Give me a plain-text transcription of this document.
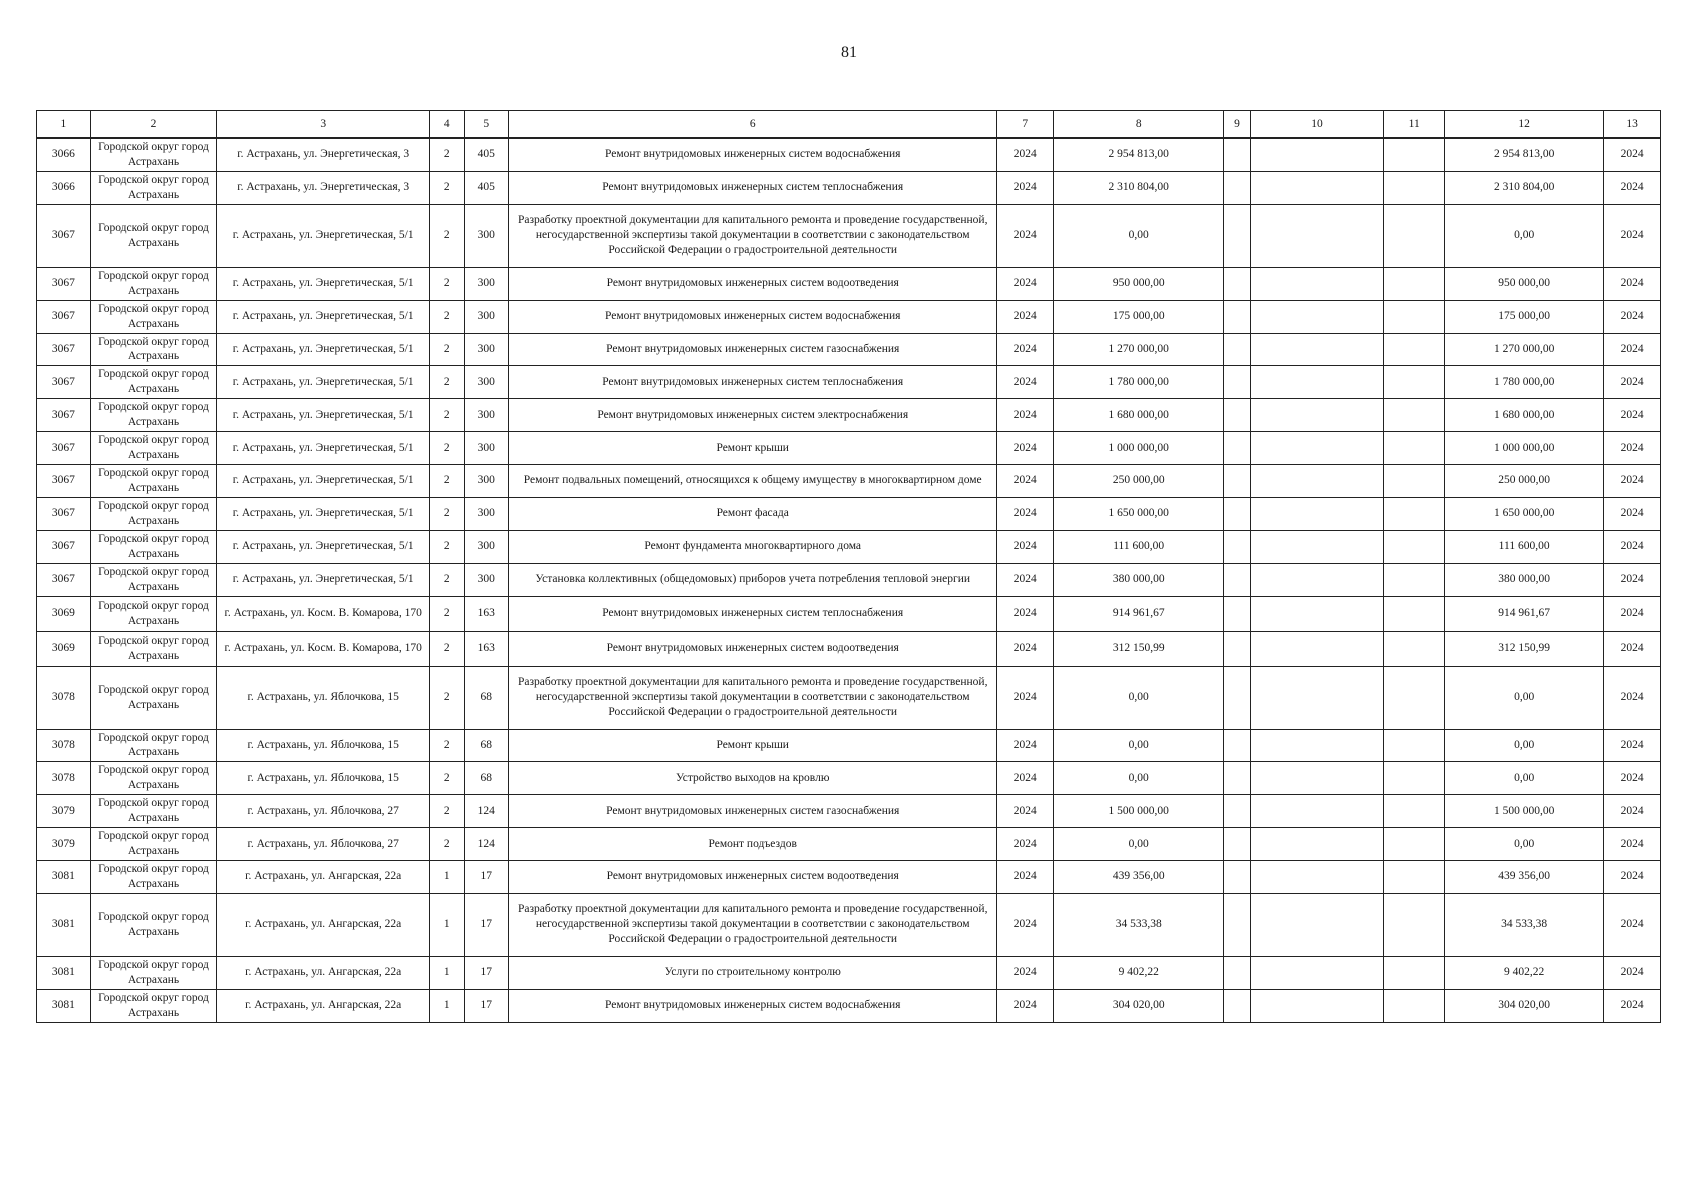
81
1	2	3	4	5	6	7	8	9	10	11	12	13
3066	Городской округ город Астрахань	г. Астрахань, ул. Энергетическая, 3	2	405	Ремонт внутридомовых инженерных систем водоснабжения	2024	2 954 813,00				2 954 813,00	2024
3066	Городской округ город Астрахань	г. Астрахань, ул. Энергетическая, 3	2	405	Ремонт внутридомовых инженерных систем теплоснабжения	2024	2 310 804,00				2 310 804,00	2024
3067	Городской округ город Астрахань	г. Астрахань, ул. Энергетическая, 5/1	2	300	Разработку проектной документации для капитального ремонта и проведение государственной, негосударственной экспертизы такой документации в соответствии с законодательством Российской Федерации о градостроительной деятельности	2024	0,00				0,00	2024
3067	Городской округ город Астрахань	г. Астрахань, ул. Энергетическая, 5/1	2	300	Ремонт внутридомовых инженерных систем водоотведения	2024	950 000,00				950 000,00	2024
3067	Городской округ город Астрахань	г. Астрахань, ул. Энергетическая, 5/1	2	300	Ремонт внутридомовых инженерных систем водоснабжения	2024	175 000,00				175 000,00	2024
3067	Городской округ город Астрахань	г. Астрахань, ул. Энергетическая, 5/1	2	300	Ремонт внутридомовых инженерных систем газоснабжения	2024	1 270 000,00				1 270 000,00	2024
3067	Городской округ город Астрахань	г. Астрахань, ул. Энергетическая, 5/1	2	300	Ремонт внутридомовых инженерных систем теплоснабжения	2024	1 780 000,00				1 780 000,00	2024
3067	Городской округ город Астрахань	г. Астрахань, ул. Энергетическая, 5/1	2	300	Ремонт внутридомовых инженерных систем электроснабжения	2024	1 680 000,00				1 680 000,00	2024
3067	Городской округ город Астрахань	г. Астрахань, ул. Энергетическая, 5/1	2	300	Ремонт крыши	2024	1 000 000,00				1 000 000,00	2024
3067	Городской округ город Астрахань	г. Астрахань, ул. Энергетическая, 5/1	2	300	Ремонт подвальных помещений, относящихся к общему имуществу в многоквартирном доме	2024	250 000,00				250 000,00	2024
3067	Городской округ город Астрахань	г. Астрахань, ул. Энергетическая, 5/1	2	300	Ремонт фасада	2024	1 650 000,00				1 650 000,00	2024
3067	Городской округ город Астрахань	г. Астрахань, ул. Энергетическая, 5/1	2	300	Ремонт фундамента многоквартирного дома	2024	111 600,00				111 600,00	2024
3067	Городской округ город Астрахань	г. Астрахань, ул. Энергетическая, 5/1	2	300	Установка коллективных (общедомовых) приборов учета потребления тепловой энергии	2024	380 000,00				380 000,00	2024
3069	Городской округ город Астрахань	г. Астрахань, ул. Косм. В. Комарова, 170	2	163	Ремонт внутридомовых инженерных систем теплоснабжения	2024	914 961,67				914 961,67	2024
3069	Городской округ город Астрахань	г. Астрахань, ул. Косм. В. Комарова, 170	2	163	Ремонт внутридомовых инженерных систем водоотведения	2024	312 150,99				312 150,99	2024
3078	Городской округ город Астрахань	г. Астрахань, ул. Яблочкова, 15	2	68	Разработку проектной документации для капитального ремонта и проведение государственной, негосударственной экспертизы такой документации в соответствии с законодательством Российской Федерации о градостроительной деятельности	2024	0,00				0,00	2024
3078	Городской округ город Астрахань	г. Астрахань, ул. Яблочкова, 15	2	68	Ремонт крыши	2024	0,00				0,00	2024
3078	Городской округ город Астрахань	г. Астрахань, ул. Яблочкова, 15	2	68	Устройство выходов на кровлю	2024	0,00				0,00	2024
3079	Городской округ город Астрахань	г. Астрахань, ул. Яблочкова, 27	2	124	Ремонт внутридомовых инженерных систем газоснабжения	2024	1 500 000,00				1 500 000,00	2024
3079	Городской округ город Астрахань	г. Астрахань, ул. Яблочкова, 27	2	124	Ремонт подъездов	2024	0,00				0,00	2024
3081	Городской округ город Астрахань	г. Астрахань, ул. Ангарская, 22а	1	17	Ремонт внутридомовых инженерных систем водоотведения	2024	439 356,00				439 356,00	2024
3081	Городской округ город Астрахань	г. Астрахань, ул. Ангарская, 22а	1	17	Разработку проектной документации для капитального ремонта и проведение государственной, негосударственной экспертизы такой документации в соответствии с законодательством Российской Федерации о градостроительной деятельности	2024	34 533,38				34 533,38	2024
3081	Городской округ город Астрахань	г. Астрахань, ул. Ангарская, 22а	1	17	Услуги по строительному контролю	2024	9 402,22				9 402,22	2024
3081	Городской округ город Астрахань	г. Астрахань, ул. Ангарская, 22а	1	17	Ремонт внутридомовых инженерных систем водоснабжения	2024	304 020,00				304 020,00	2024
